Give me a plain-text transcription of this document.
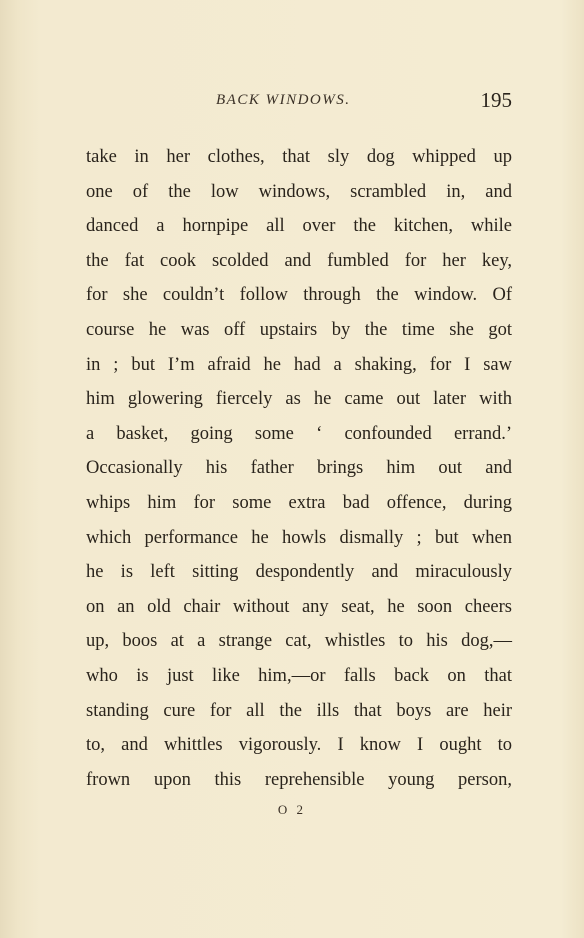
BACK WINDOWS.	195
take in her clothes, that sly dog whipped up
one of the low windows, scrambled in, and
danced a hornpipe all over the kitchen, while
the fat cook scolded and fumbled for her key,
for she couldn’t follow through the window. Of
course he was off upstairs by the time she got
in ; but I’m afraid he had a shaking, for I saw
him glowering fiercely as he came out later with
a basket, going some ‘ confounded errand.’
Occasionally his father brings him out and
whips him for some extra bad offence, during
which performance he howls dismally ; but when
he is left sitting despondently and miraculously
on an old chair without any seat, he soon cheers
up, boos at a strange cat, whistles to his dog,—
who is just like him,—or falls back on that
standing cure for all the ills that boys are heir
to, and whittles vigorously. I know I ought to
frown upon this reprehensible young person,
O 2
